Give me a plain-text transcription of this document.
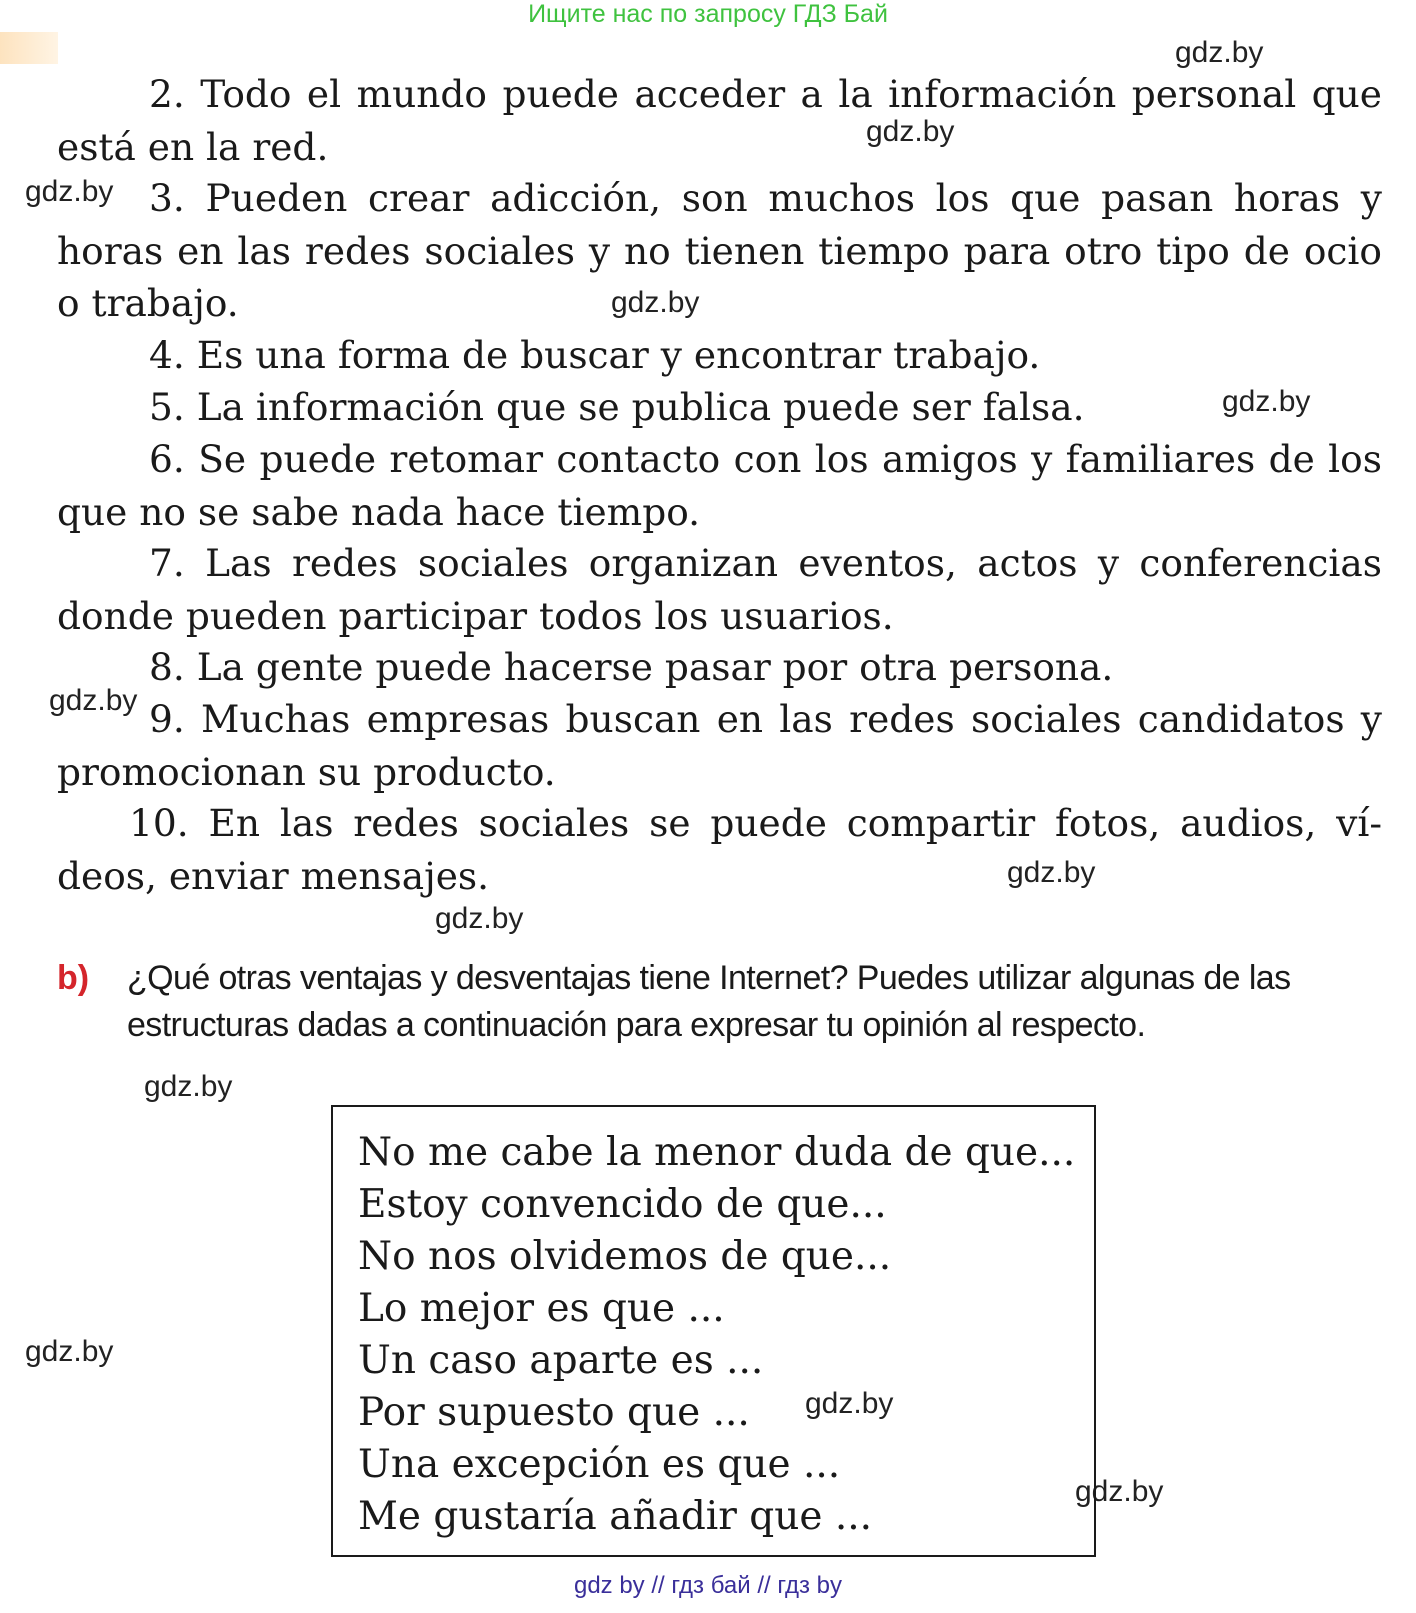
Ищите нас по запросу ГДЗ Бай
gdz.by
gdz.by
gdz.by
gdz.by
gdz.by
gdz.by
gdz.by
gdz.by
gdz.by
gdz.by
gdz.by
gdz.by
2. Todo el mundo puede acceder a la información personal que está en la red.
3. Pueden crear adicción, son muchos los que pasan horas y horas en las redes sociales y no tienen tiempo para otro tipo de ocio o trabajo.
4. Es una forma de buscar y encontrar trabajo.
5. La información que se publica puede ser falsa.
6. Se puede retomar contacto con los amigos y familiares de los que no se sabe nada hace tiempo.
7. Las redes sociales organizan eventos, actos y conferencias donde pueden participar todos los usuarios.
8. La gente puede hacerse pasar por otra persona.
9. Muchas empresas buscan en las redes sociales candidatos y promocionan su producto.
10. En las redes sociales se puede compartir fotos, audios, vídeos, enviar mensajes.
b) ¿Qué otras ventajas y desventajas tiene Internet? Puedes utilizar algunas de las estructuras dadas a continuación para expresar tu opinión al respecto.
No me cabe la menor duda de que...
Estoy convencido de que...
No nos olvidemos de que...
Lo mejor es que ...
Un caso aparte es ...
Por supuesto que ...
Una excepción es que ...
Me gustaría añadir que ...
gdz by // гдз бай // гдз by
